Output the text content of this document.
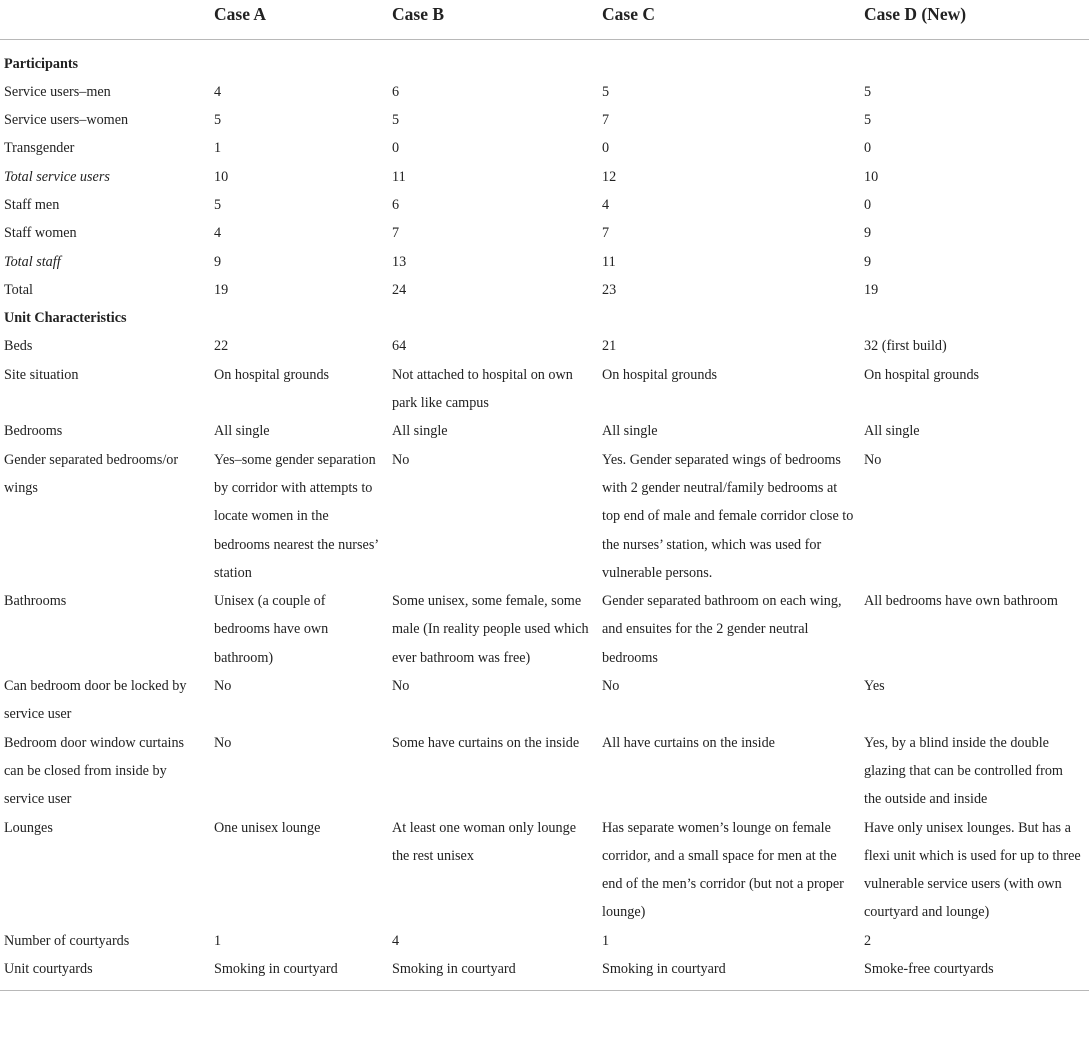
	Case A	Case B	Case C	Case D (New)
Participants				
Service users–men	4	6	5	5
Service users–women	5	5	7	5
Transgender	1	0	0	0
Total service users	10	11	12	10
Staff men	5	6	4	0
Staff women	4	7	7	9
Total staff	9	13	11	9
Total	19	24	23	19
Unit Characteristics				
Beds	22	64	21	32 (first build)
Site situation	On hospital grounds	Not attached to hospital on own park like campus	On hospital grounds	On hospital grounds
Bedrooms	All single	All single	All single	All single
Gender separated bedrooms/or wings	Yes–some gender separation by corridor with attempts to locate women in the bedrooms nearest the nurses’ station	No	Yes. Gender separated wings of bedrooms with 2 gender neutral/family bedrooms at top end of male and female corridor close to the nurses’ station, which was used for vulnerable persons.	No
Bathrooms	Unisex (a couple of bedrooms have own bathroom)	Some unisex, some female, some male (In reality people used which ever bathroom was free)	Gender separated bathroom on each wing, and ensuites for the 2 gender neutral bedrooms	All bedrooms have own bathroom
Can bedroom door be locked by service user	No	No	No	Yes
Bedroom door window curtains can be closed from inside by service user	No	Some have curtains on the inside	All have curtains on the inside	Yes, by a blind inside the double glazing that can be controlled from the outside and inside
Lounges	One unisex lounge	At least one woman only lounge the rest unisex	Has separate women’s lounge on female corridor, and a small space for men at the end of the men’s corridor (but not a proper lounge)	Have only unisex lounges. But has a flexi unit which is used for up to three vulnerable service users (with own courtyard and lounge)
Number of courtyards	1	4	1	2
Unit courtyards	Smoking in courtyard	Smoking in courtyard	Smoking in courtyard	Smoke-free courtyards
